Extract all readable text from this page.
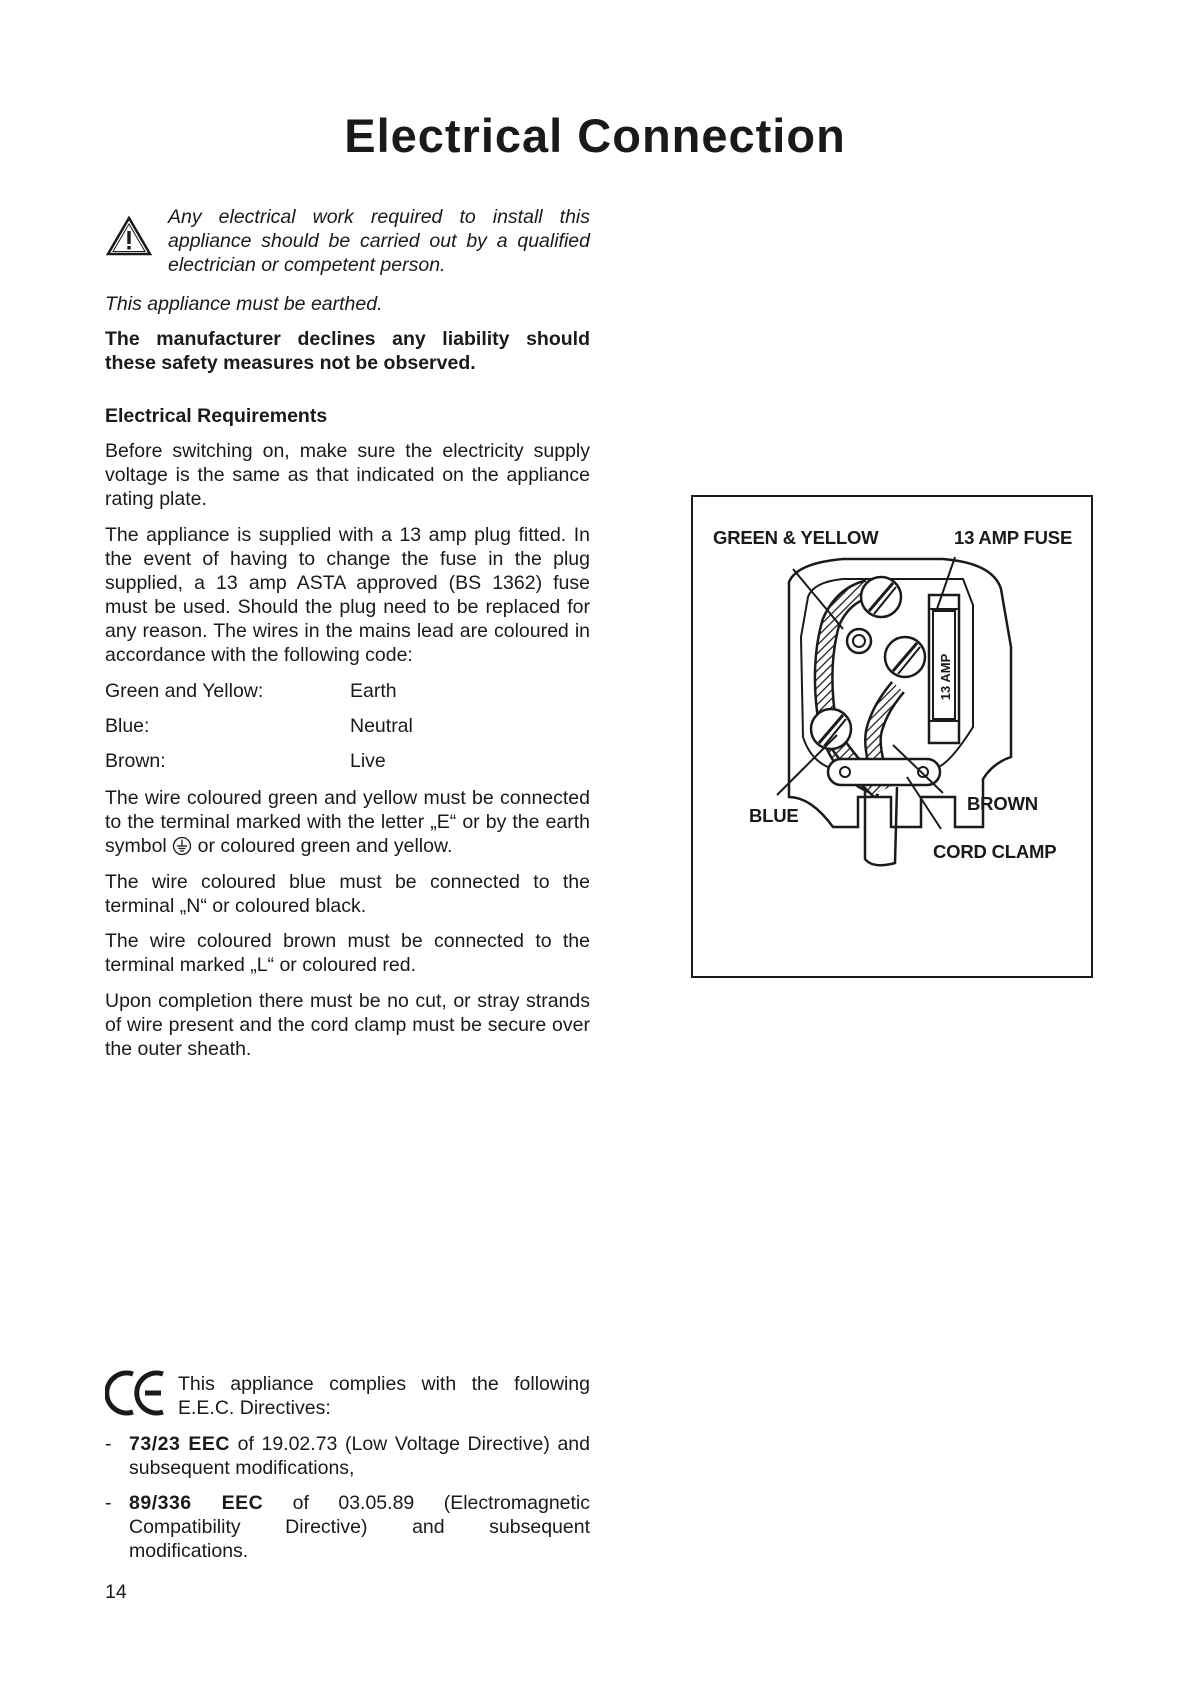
Electrical Connection

Any electrical work required to install this appliance should be carried out by a qualified electrician or competent person.

This appliance must be earthed.

The manufacturer declines any liability should these safety measures not be observed.

Electrical Requirements

Before switching on, make sure the electricity supply voltage is the same as that indicated on the appliance rating plate.

The appliance is supplied with a 13 amp plug fitted. In the event of having to change the fuse in the plug supplied, a 13 amp ASTA approved (BS 1362) fuse must be used. Should the plug need to be replaced for any reason. The wires in the mains lead are coloured in accordance with the following code:

Green and Yellow:	Earth
Blue:	Neutral
Brown:	Live

The wire coloured green and yellow must be connected to the terminal marked with the letter „E“ or by the earth symbol or coloured green and yellow.

The wire coloured blue must be connected to the terminal „N“ or coloured black.

The wire coloured brown must be connected to the terminal marked „L“ or coloured red.

Upon completion there must be no cut, or stray strands of wire present and the cord clamp must be secure over the outer sheath.

13 AMP
GREEN & YELLOW	13 AMP FUSE
BLUE
BROWN
CORD CLAMP

This appliance complies with the following E.E.C. Directives:

- 73/23 EEC of 19.02.73 (Low Voltage Directive) and subsequent modifications,

- 89/336 EEC of 03.05.89 (Electromagnetic Compatibility Directive) and subsequent modifications.

14
